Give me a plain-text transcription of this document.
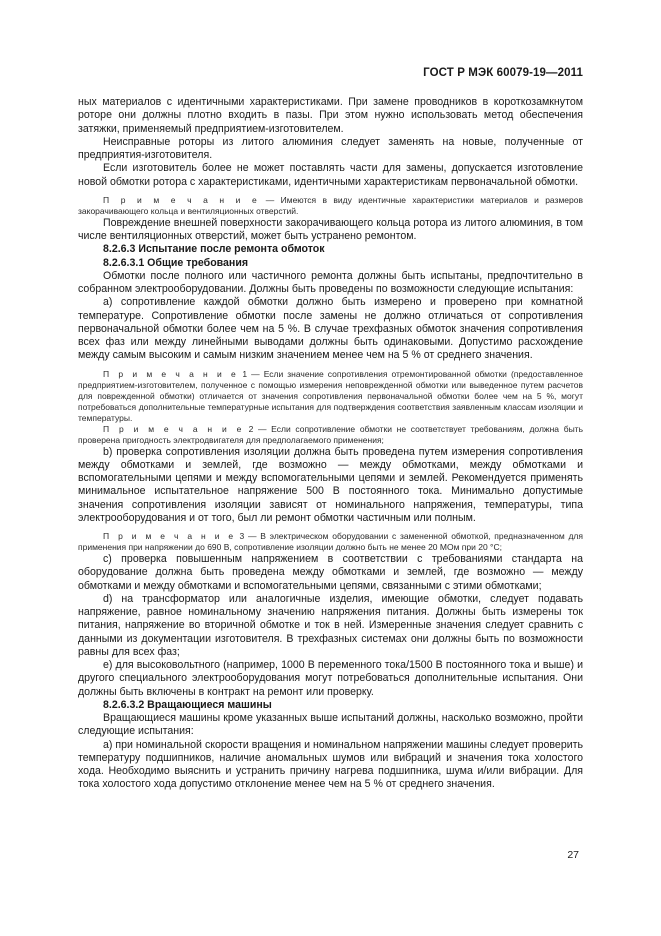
ГОСТ Р МЭК 60079-19—2011

ных материалов с идентичными характеристиками. При замене проводников в короткозамкнутом роторе они должны плотно входить в пазы. При этом нужно использовать метод обеспечения затяжки, применяемый предприятием-изготовителем.

Неисправные роторы из литого алюминия следует заменять на новые, полученные от предприятия-изготовителя.

Если изготовитель более не может поставлять части для замены, допускается изготовление новой обмотки ротора с характеристиками, идентичными характеристикам первоначальной обмотки.

П р и м е ч а н и е — Имеются в виду идентичные характеристики материалов и размеров закорачивающего кольца и вентиляционных отверстий.

Повреждение внешней поверхности закорачивающего кольца ротора из литого алюминия, в том числе вентиляционных отверстий, может быть устранено ремонтом.

8.2.6.3 Испытание после ремонта обмоток

8.2.6.3.1 Общие требования

Обмотки после полного или частичного ремонта должны быть испытаны, предпочтительно в собранном электрооборудовании. Должны быть проведены по возможности следующие испытания:

а) сопротивление каждой обмотки должно быть измерено и проверено при комнатной температуре. Сопротивление обмотки после замены не должно отличаться от сопротивления первоначальной обмотки более чем на 5 %. В случае трехфазных обмоток значения сопротивления всех фаз или между линейными выводами должны быть одинаковыми. Допустимо расхождение между самым высоким и самым низким значением менее чем на 5 % от среднего значения.

П р и м е ч а н и е 1 — Если значение сопротивления отремонтированной обмотки (предоставленное предприятием-изготовителем, полученное с помощью измерения неповрежденной обмотки или выведенное путем расчетов для поврежденной обмотки) отличается от значения сопротивления первоначальной обмотки более чем на 5 %, могут потребоваться дополнительные температурные испытания для подтверждения соответствия заявленным классам изоляции и температуры.

П р и м е ч а н и е 2 — Если сопротивление обмотки не соответствует требованиям, должна быть проверена пригодность электродвигателя для предполагаемого применения;

b) проверка сопротивления изоляции должна быть проведена путем измерения сопротивления между обмотками и землей, где возможно — между обмотками, между обмотками и вспомогательными цепями и между вспомогательными цепями и землей. Рекомендуется применять минимальное испытательное напряжение 500 В постоянного тока. Минимально допустимые значения сопротивления изоляции зависят от номинального напряжения, температуры, типа электрооборудования и от того, был ли ремонт обмотки частичным или полным.

П р и м е ч а н и е 3 — В электрическом оборудовании с замененной обмоткой, предназначенном для применения при напряжении до 690 В, сопротивление изоляции должно быть не менее 20 МОм при 20 °С;

с) проверка повышенным напряжением в соответствии с требованиями стандарта на оборудование должна быть проведена между обмотками и землей, где возможно — между обмотками и между обмотками и вспомогательными цепями, связанными с этими обмотками;

d) на трансформатор или аналогичные изделия, имеющие обмотки, следует подавать напряжение, равное номинальному значению напряжения питания. Должны быть измерены ток питания, напряжение во вторичной обмотке и ток в ней. Измеренные значения следует сравнить с данными из документации изготовителя. В трехфазных системах они должны быть по возможности равны для всех фаз;

е) для высоковольтного (например, 1000 В переменного тока/1500 В постоянного тока и выше) и другого специального электрооборудования могут потребоваться дополнительные испытания. Они должны быть включены в контракт на ремонт или проверку.

8.2.6.3.2 Вращающиеся машины

Вращающиеся машины кроме указанных выше испытаний должны, насколько возможно, пройти следующие испытания:

а) при номинальной скорости вращения и номинальном напряжении машины следует проверить температуру подшипников, наличие аномальных шумов или вибраций и значения тока холостого хода. Необходимо выяснить и устранить причину нагрева подшипника, шума и/или вибрации. Для тока холостого хода допустимо отклонение менее чем на 5 % от среднего значения.

27
